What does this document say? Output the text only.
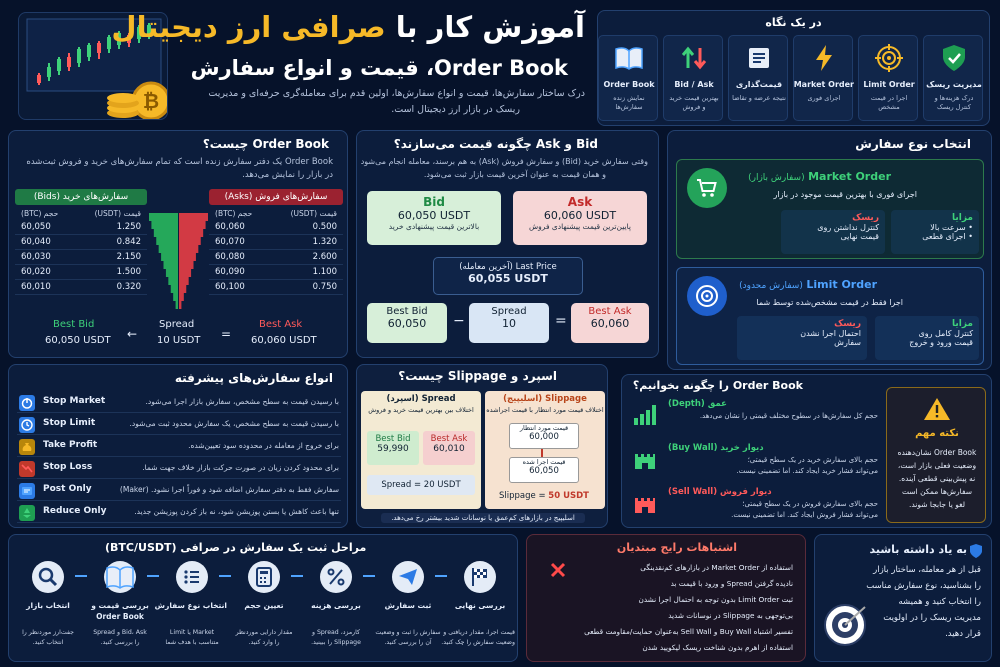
₿
آموزش کار با صرافی ارز دیجیتال
Order Book، قیمت و انواع سفارش
درک ساختار سفارش‌ها، قیمت و انواع سفارش‌ها، اولین قدم برای معامله‌گری حرفه‌ای و مدیریت
ریسک در بازار ارز دیجیتال است.
در یک نگاه
مدیریت ریسک
درک هزینه‌ها و کنترل ریسک
Limit Order
اجرا در قیمت مشخص
Market Order
اجرای فوری
قیمت‌گذاری
نتیجه عرضه و تقاضا
Bid / Ask
بهترین قیمت خرید و فروش
Order Book
نمایش زنده سفارش‌ها
Order Book چیست؟
Order Book یک دفتر سفارش زنده است که تمام سفارش‌های خرید و فروش ثبت‌شده
در بازار را نمایش می‌دهد.
سفارش‌های خرید (Bids)
حجم (BTC)	قیمت (USDT)
60,050	1.250
60,040	0.842
60,030	2.150
60,020	1.500
60,010	0.320
سفارش‌های فروش (Asks)
حجم (BTC)	قیمت (USDT)
60,060	0.500
60,070	1.320
60,080	2.600
60,090	1.100
60,100	0.750
Best Bid
60,050 USDT ←
Spread
10 USDT =
Best Ask
60,060 USDT
Bid و Ask چگونه قیمت می‌سازند؟
وقتی سفارش خرید (Bid) و سفارش فروش (Ask) به هم برسند، معامله انجام می‌شود
و همان قیمت به عنوان آخرین قیمت بازار ثبت می‌شود.
Bid
60,050 USDT
بالاترین قیمت پیشنهادی خرید
Ask
60,060 USDT
پایین‌ترین قیمت پیشنهادی فروش
Last Price (آخرین معامله)
60,055 USDT
Best Bid
60,050	−
Spread
10	=
Best Ask
60,060
انتخاب نوع سفارش
Market Order (سفارش بازار)
اجرای فوری با بهترین قیمت موجود در بازار
مزایا
• سرعت بالا
• اجرای قطعی
ریسک
کنترل نداشتن روی
قیمت نهایی
Limit Order (سفارش محدود)
اجرا فقط در قیمت مشخص‌شده توسط شما
مزایا
کنترل کامل روی
قیمت ورود و خروج
ریسک
احتمال اجرا نشدن
سفارش
انواع سفارش‌های پیشرفته
Stop Market	با رسیدن قیمت به سطح مشخص، سفارش بازار اجرا می‌شود.
Stop Limit	با رسیدن قیمت به سطح مشخص، یک سفارش محدود ثبت می‌شود.
Take Profit	برای خروج از معامله در محدوده سود تعیین‌شده.
Stop Loss	برای محدود کردن زیان در صورت حرکت بازار خلاف جهت شما.
Post Only	سفارش فقط به دفتر سفارش اضافه شود و فوراً اجرا نشود. (Maker)
Reduce Only	تنها باعث کاهش یا بستن پوزیشن شود، نه باز کردن پوزیشن جدید.
اسپرد و Slippage چیست؟
Spread (اسپرد)
اختلاف بین بهترین قیمت خرید و فروش
Best Bid
59,990
Best Ask
60,010
Spread = 20 USDT
Slippage (اسلیپیج)
اختلاف قیمت مورد انتظار با قیمت اجراشده
قیمت مورد انتظار
60,000
قیمت اجرا شده
60,050
Slippage = 50 USDT
اسلیپیج در بازارهای کم‌عمق یا نوسانات شدید بیشتر رخ می‌دهد.
Order Book را چگونه بخوانیم؟
عمق (Depth)
حجم کل سفارش‌ها در سطوح مختلف قیمتی را نشان می‌دهد.
دیوار خرید (Buy Wall)
حجم بالای سفارش خرید در یک سطح قیمتی؛
می‌تواند فشار خرید ایجاد کند. اما تضمینی نیست.
دیوار فروش (Sell Wall)
حجم بالای سفارش فروش در یک سطح قیمتی؛
می‌تواند فشار فروش ایجاد کند. اما تضمینی نیست.
نکته مهم
Order Book نشان‌دهنده
وضعیت فعلی بازار است،
نه پیش‌بینی قطعی آینده.
سفارش‌ها ممکن است
لغو یا جابجا شوند.
مراحل ثبت یک سفارش در صرافی (BTC/USDT)
انتخاب بازار
جفت‌ارز موردنظر را
انتخاب کنید.
بررسی قیمت و
Order Book
Bid، Ask و Spread
را بررسی کنید.
انتخاب نوع سفارش
Market یا Limit
متناسب با هدف شما
تعیین حجم
مقدار دارایی موردنظر
را وارد کنید.
بررسی هزینه
کارمزد، Spread و
Slippage را ببینید.
ثبت سفارش
سفارش را ثبت و وضعیت
آن را بررسی کنید.
بررسی نهایی
قیمت اجرا، مقدار دریافتی و
وضعیت سفارش را چک کنید.
اشتباهات رایج مبتدیان
استفاده از Market Order در بازارهای کم‌نقدینگی
نادیده گرفتن Spread و ورود با قیمت بد
ثبت Limit Order بدون توجه به احتمال اجرا نشدن
بی‌توجهی به Slippage در نوسانات شدید
تفسیر اشتباه Buy Wall و Sell Wall به‌عنوان حمایت/مقاومت قطعی
استفاده از اهرم بدون شناخت ریسک لیکویید شدن
به یاد داشته باشید
قبل از هر معامله، ساختار بازار
را بشناسید، نوع سفارش مناسب
را انتخاب کنید و همیشه
مدیریت ریسک را در اولویت
قرار دهید.
